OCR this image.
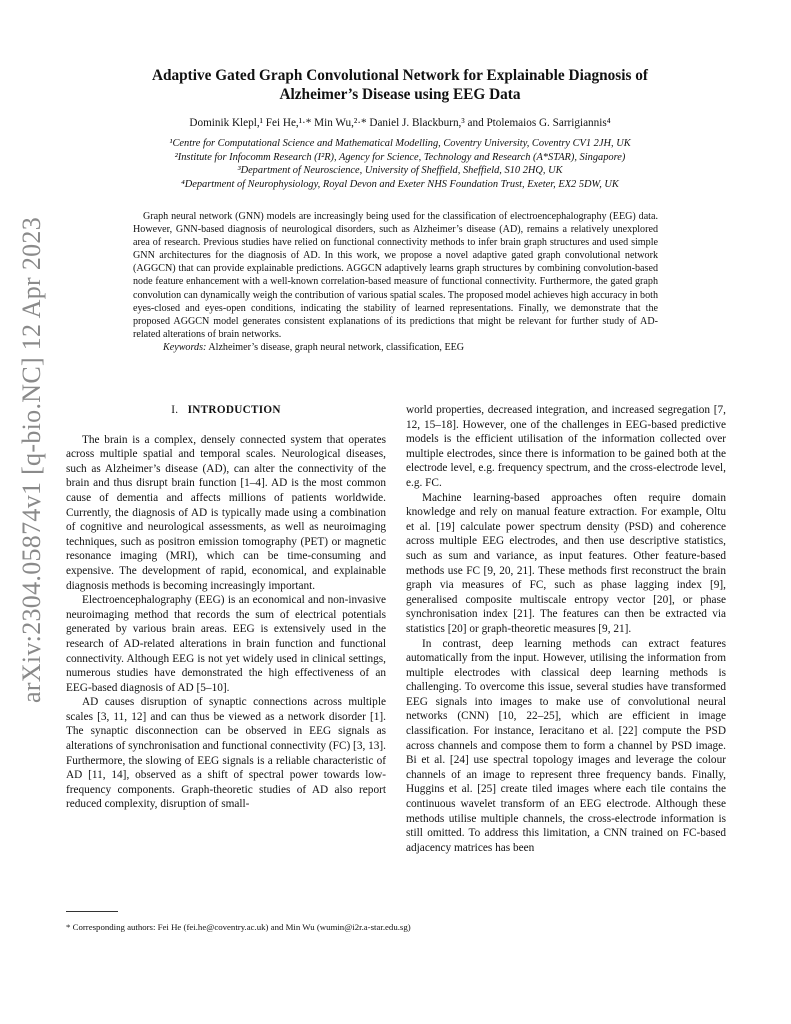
arXiv:2304.05874v1 [q-bio.NC] 12 Apr 2023
Adaptive Gated Graph Convolutional Network for Explainable Diagnosis of
Alzheimer’s Disease using EEG Data
Dominik Klepl,¹ Fei He,¹·* Min Wu,²·* Daniel J. Blackburn,³ and Ptolemaios G. Sarrigiannis⁴
¹Centre for Computational Science and Mathematical Modelling, Coventry University, Coventry CV1 2JH, UK
²Institute for Infocomm Research (I²R), Agency for Science, Technology and Research (A*STAR), Singapore)
³Department of Neuroscience, University of Sheffield, Sheffield, S10 2HQ, UK
⁴Department of Neurophysiology, Royal Devon and Exeter NHS Foundation Trust, Exeter, EX2 5DW, UK

Graph neural network (GNN) models are increasingly being used for the classification of electroencephalography (EEG) data. However, GNN-based diagnosis of neurological disorders, such as Alzheimer’s disease (AD), remains a relatively unexplored area of research. Previous studies have relied on functional connectivity methods to infer brain graph structures and used simple GNN architectures for the diagnosis of AD. In this work, we propose a novel adaptive gated graph convolutional network (AGGCN) that can provide explainable predictions. AGGCN adaptively learns graph structures by combining convolution-based node feature enhancement with a well-known correlation-based measure of functional connectivity. Furthermore, the gated graph convolution can dynamically weigh the contribution of various spatial scales. The proposed model achieves high accuracy in both eyes-closed and eyes-open conditions, indicating the stability of learned representations. Finally, we demonstrate that the proposed AGGCN model generates consistent explanations of its predictions that might be relevant for further study of AD-related alterations of brain networks.

Keywords: Alzheimer’s disease, graph neural network, classification, EEG

I. INTRODUCTION

The brain is a complex, densely connected system that operates across multiple spatial and temporal scales. Neurological diseases, such as Alzheimer’s disease (AD), can alter the connectivity of the brain and thus disrupt brain function [1–4]. AD is the most common cause of dementia and affects millions of patients worldwide. Currently, the diagnosis of AD is typically made using a combination of cognitive and neurological assessments, as well as neuroimaging techniques, such as positron emission tomography (PET) or magnetic resonance imaging (MRI), which can be time-consuming and expensive. The development of rapid, economical, and explainable diagnosis methods is becoming increasingly important.

Electroencephalography (EEG) is an economical and non-invasive neuroimaging method that records the sum of electrical potentials generated by various brain areas. EEG is extensively used in the research of AD-related alterations in brain function and functional connectivity. Although EEG is not yet widely used in clinical settings, numerous studies have demonstrated the high effectiveness of an EEG-based diagnosis of AD [5–10].

AD causes disruption of synaptic connections across multiple scales [3, 11, 12] and can thus be viewed as a network disorder [1]. The synaptic disconnection can be observed in EEG signals as alterations of synchronisation and functional connectivity (FC) [3, 13]. Furthermore, the slowing of EEG signals is a reliable characteristic of AD [11, 14], observed as a shift of spectral power towards low-frequency components. Graph-theoretic studies of AD also report reduced complexity, disruption of small-

world properties, decreased integration, and increased segregation [7, 12, 15–18]. However, one of the challenges in EEG-based predictive models is the efficient utilisation of the information collected over multiple electrodes, since there is information to be gained both at the electrode level, e.g. frequency spectrum, and the cross-electrode level, e.g. FC.

Machine learning-based approaches often require domain knowledge and rely on manual feature extraction. For example, Oltu et al. [19] calculate power spectrum density (PSD) and coherence across multiple EEG electrodes, and then use descriptive statistics, such as sum and variance, as input features. Other feature-based methods use FC [9, 20, 21]. These methods first reconstruct the brain graph via measures of FC, such as phase lagging index [9], generalised composite multiscale entropy vector [20], or phase synchronisation index [21]. The features can then be extracted via statistics [20] or graph-theoretic measures [9, 21].

In contrast, deep learning methods can extract features automatically from the input. However, utilising the information from multiple electrodes with classical deep learning methods is challenging. To overcome this issue, several studies have transformed EEG signals into images to make use of convolutional neural networks (CNN) [10, 22–25], which are efficient in image classification. For instance, Ieracitano et al. [22] compute the PSD across channels and compose them to form a channel by PSD image. Bi et al. [24] use spectral topology images and leverage the colour channels of an image to represent three frequency bands. Finally, Huggins et al. [25] create tiled images where each tile contains the continuous wavelet transform of an EEG electrode. Although these methods utilise multiple channels, the cross-electrode information is still omitted. To address this limitation, a CNN trained on FC-based adjacency matrices has been

* Corresponding authors: Fei He (fei.he@coventry.ac.uk) and Min Wu (wumin@i2r.a-star.edu.sg)
